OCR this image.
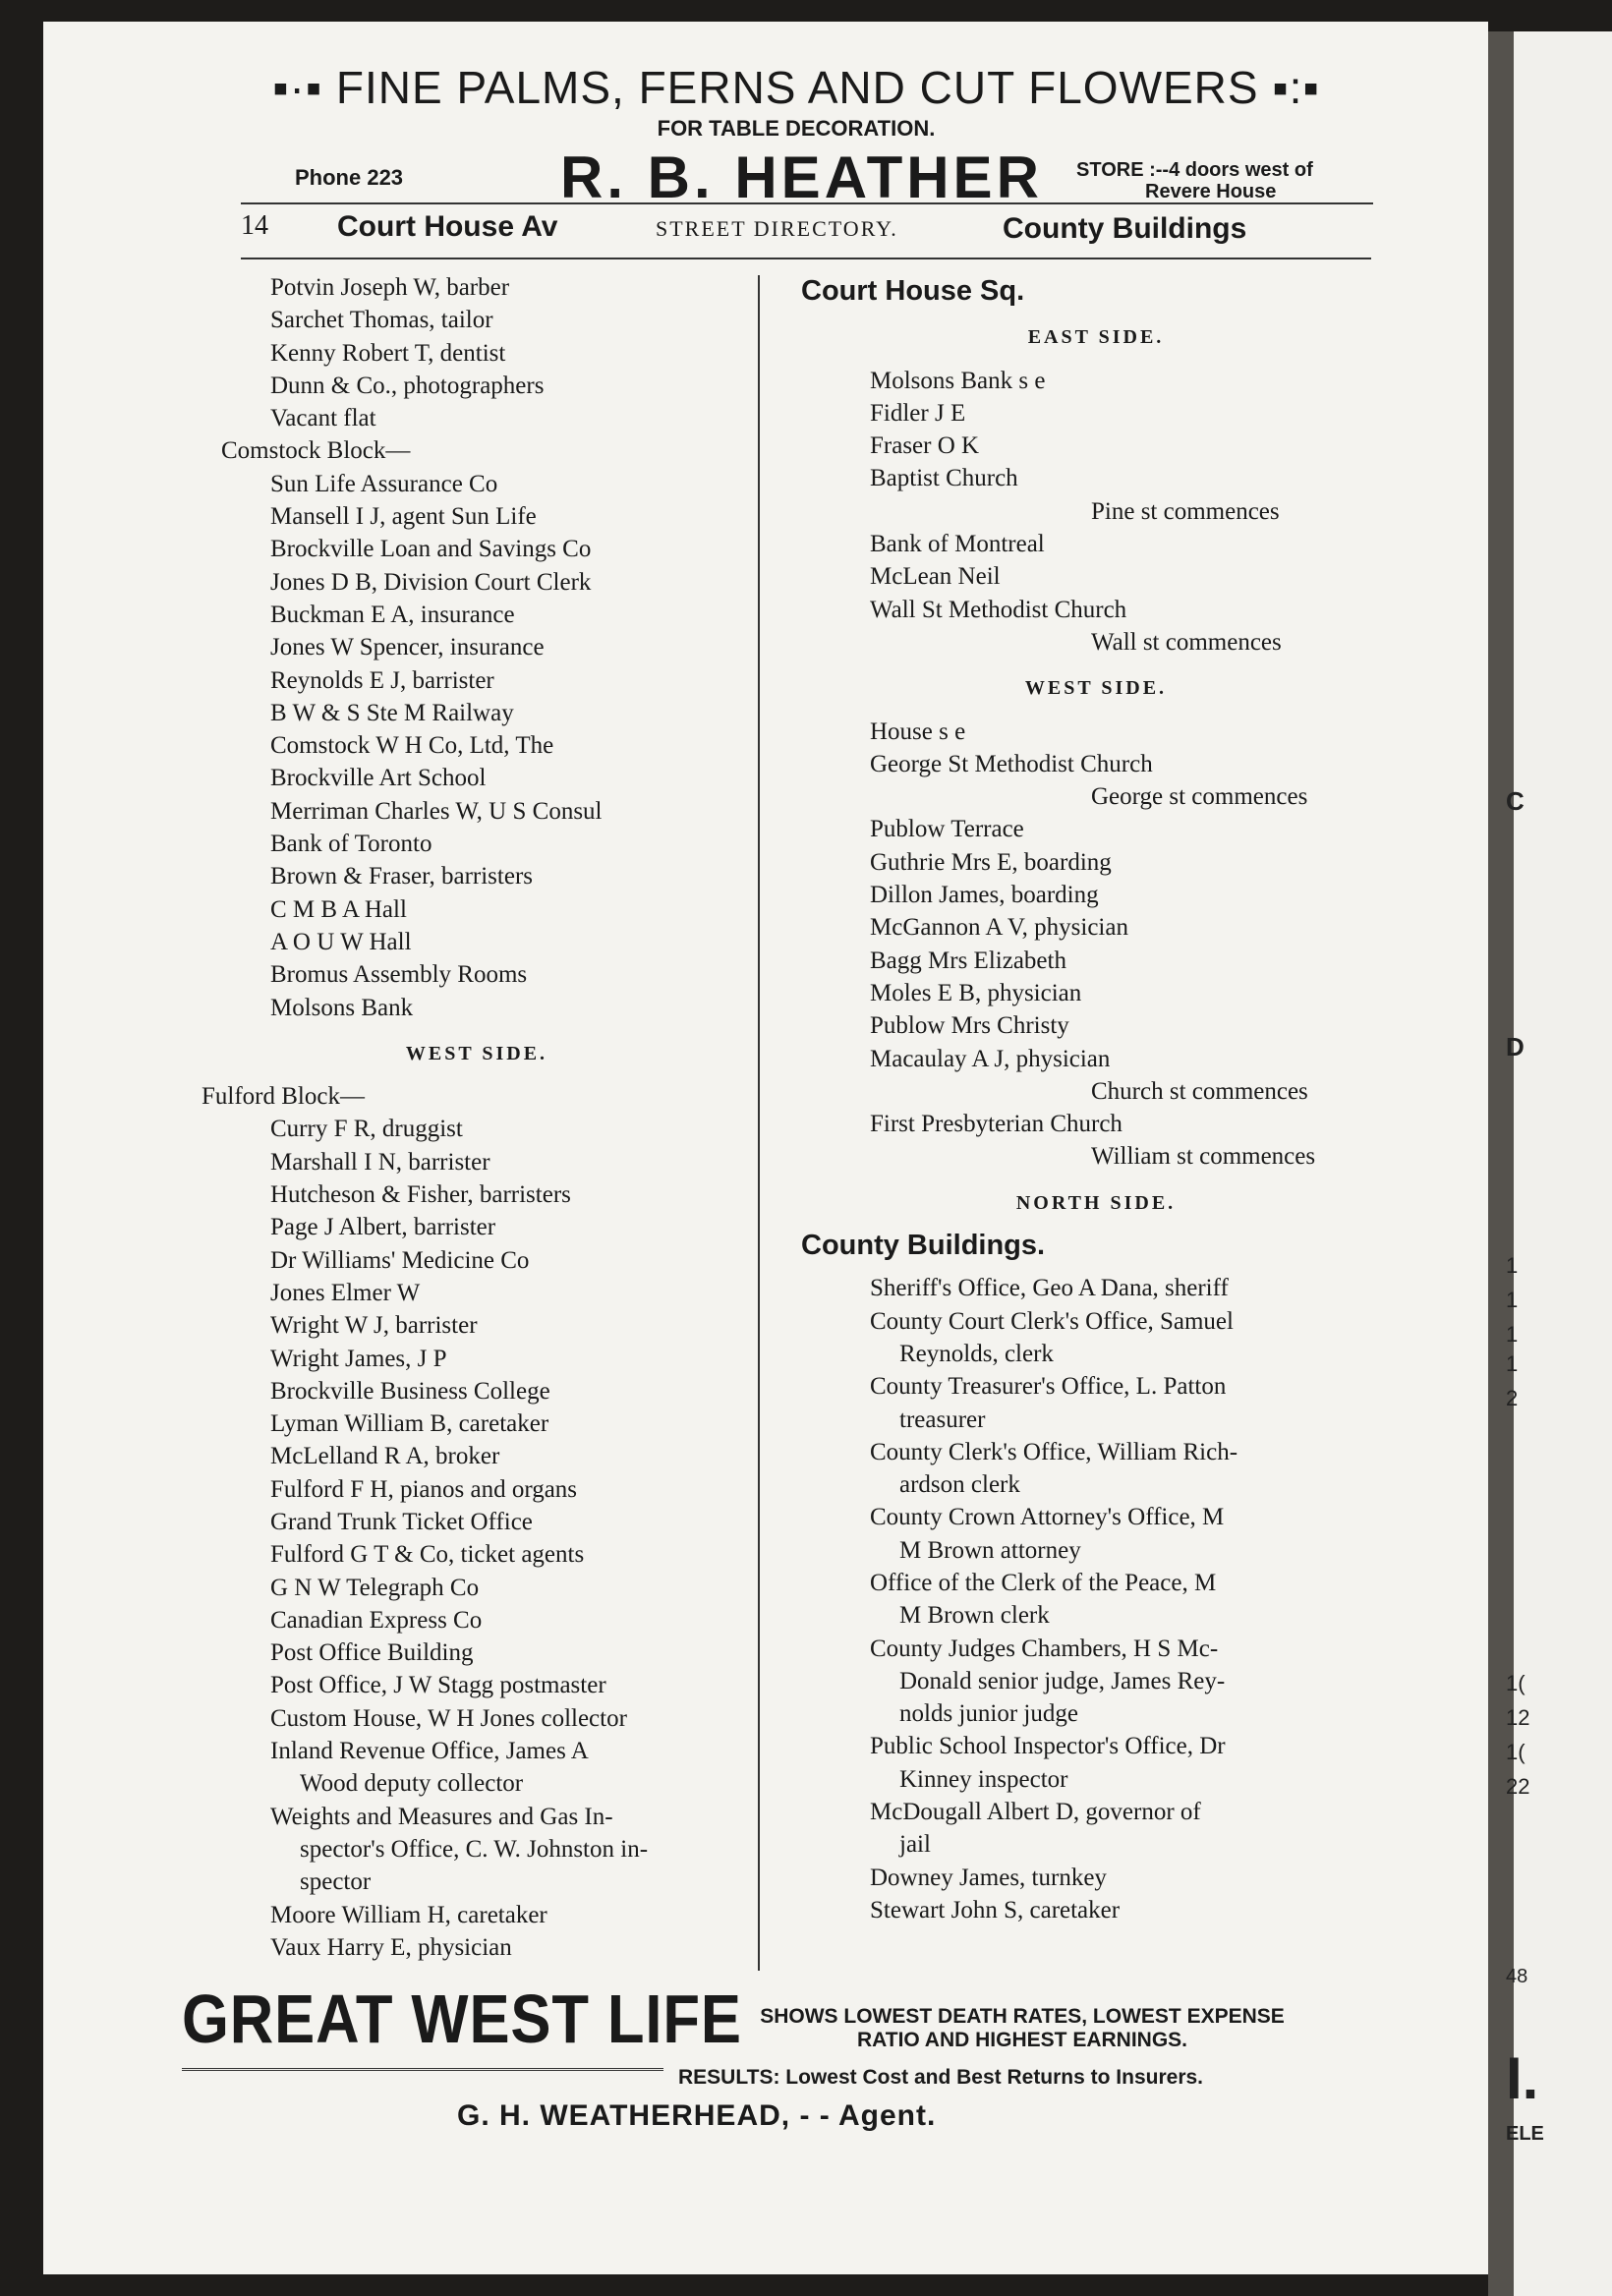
▪·▪ FINE PALMS, FERNS AND CUT FLOWERS ▪:▪
FOR TABLE DECORATION.
Phone 223	R. B. HEATHER STORE :--4 doors west of
Revere House
14 Court House Av	STREET DIRECTORY.	County Buildings
Potvin Joseph W, barber
Sarchet Thomas, tailor
Kenny Robert T, dentist
Dunn & Co., photographers
Vacant flat
Comstock Block—
Sun Life Assurance Co
Mansell I J, agent Sun Life
Brockville Loan and Savings Co
Jones D B, Division Court Clerk
Buckman E A, insurance
Jones W Spencer, insurance
Reynolds E J, barrister
B W & S Ste M Railway
Comstock W H Co, Ltd, The
Brockville Art School
Merriman Charles W, U S Consul
Bank of Toronto
Brown & Fraser, barristers
C M B A Hall
A O U W Hall
Bromus Assembly Rooms
Molsons Bank
WEST SIDE.
Fulford Block—
Curry F R, druggist
Marshall I N, barrister
Hutcheson & Fisher, barristers
Page J Albert, barrister
Dr Williams' Medicine Co
Jones Elmer W
Wright W J, barrister
Wright James, J P
Brockville Business College
Lyman William B, caretaker
McLelland R A, broker
Fulford F H, pianos and organs
Grand Trunk Ticket Office
Fulford G T & Co, ticket agents
G N W Telegraph Co
Canadian Express Co
Post Office Building
Post Office, J W Stagg postmaster
Custom House, W H Jones collector
Inland Revenue Office, James A
Wood deputy collector
Weights and Measures and Gas In-
spector's Office, C. W. Johnston in-
spector
Moore William H, caretaker
Vaux Harry E, physician
Court House Sq.
EAST SIDE.
Molsons Bank s e
Fidler J E
Fraser O K
Baptist Church
Pine st commences
Bank of Montreal
McLean Neil
Wall St Methodist Church
Wall st commences
WEST SIDE.
House s e
George St Methodist Church
George st commences
Publow Terrace
Guthrie Mrs E, boarding
Dillon James, boarding
McGannon A V, physician
Bagg Mrs Elizabeth
Moles E B, physician
Publow Mrs Christy
Macaulay A J, physician
Church st commences
First Presbyterian Church
William st commences
NORTH SIDE.
County Buildings.
Sheriff's Office, Geo A Dana, sheriff
County Court Clerk's Office, Samuel
Reynolds, clerk
County Treasurer's Office, L. Patton
treasurer
County Clerk's Office, William Rich-
ardson clerk
County Crown Attorney's Office, M
M Brown attorney
Office of the Clerk of the Peace, M
M Brown clerk
County Judges Chambers, H S Mc-
Donald senior judge, James Rey-
nolds junior judge
Public School Inspector's Office, Dr
Kinney inspector
McDougall Albert D, governor of
jail
Downey James, turnkey
Stewart John S, caretaker
GREAT WEST LIFE SHOWS LOWEST DEATH RATES, LOWEST EXPENSE
RATIO AND HIGHEST EARNINGS.
RESULTS: Lowest Cost and Best Returns to Insurers.
G. H. WEATHERHEAD, - - Agent.
C
D
1
1
1
1
2
1(
12
1(
22
48
I.
ELE
